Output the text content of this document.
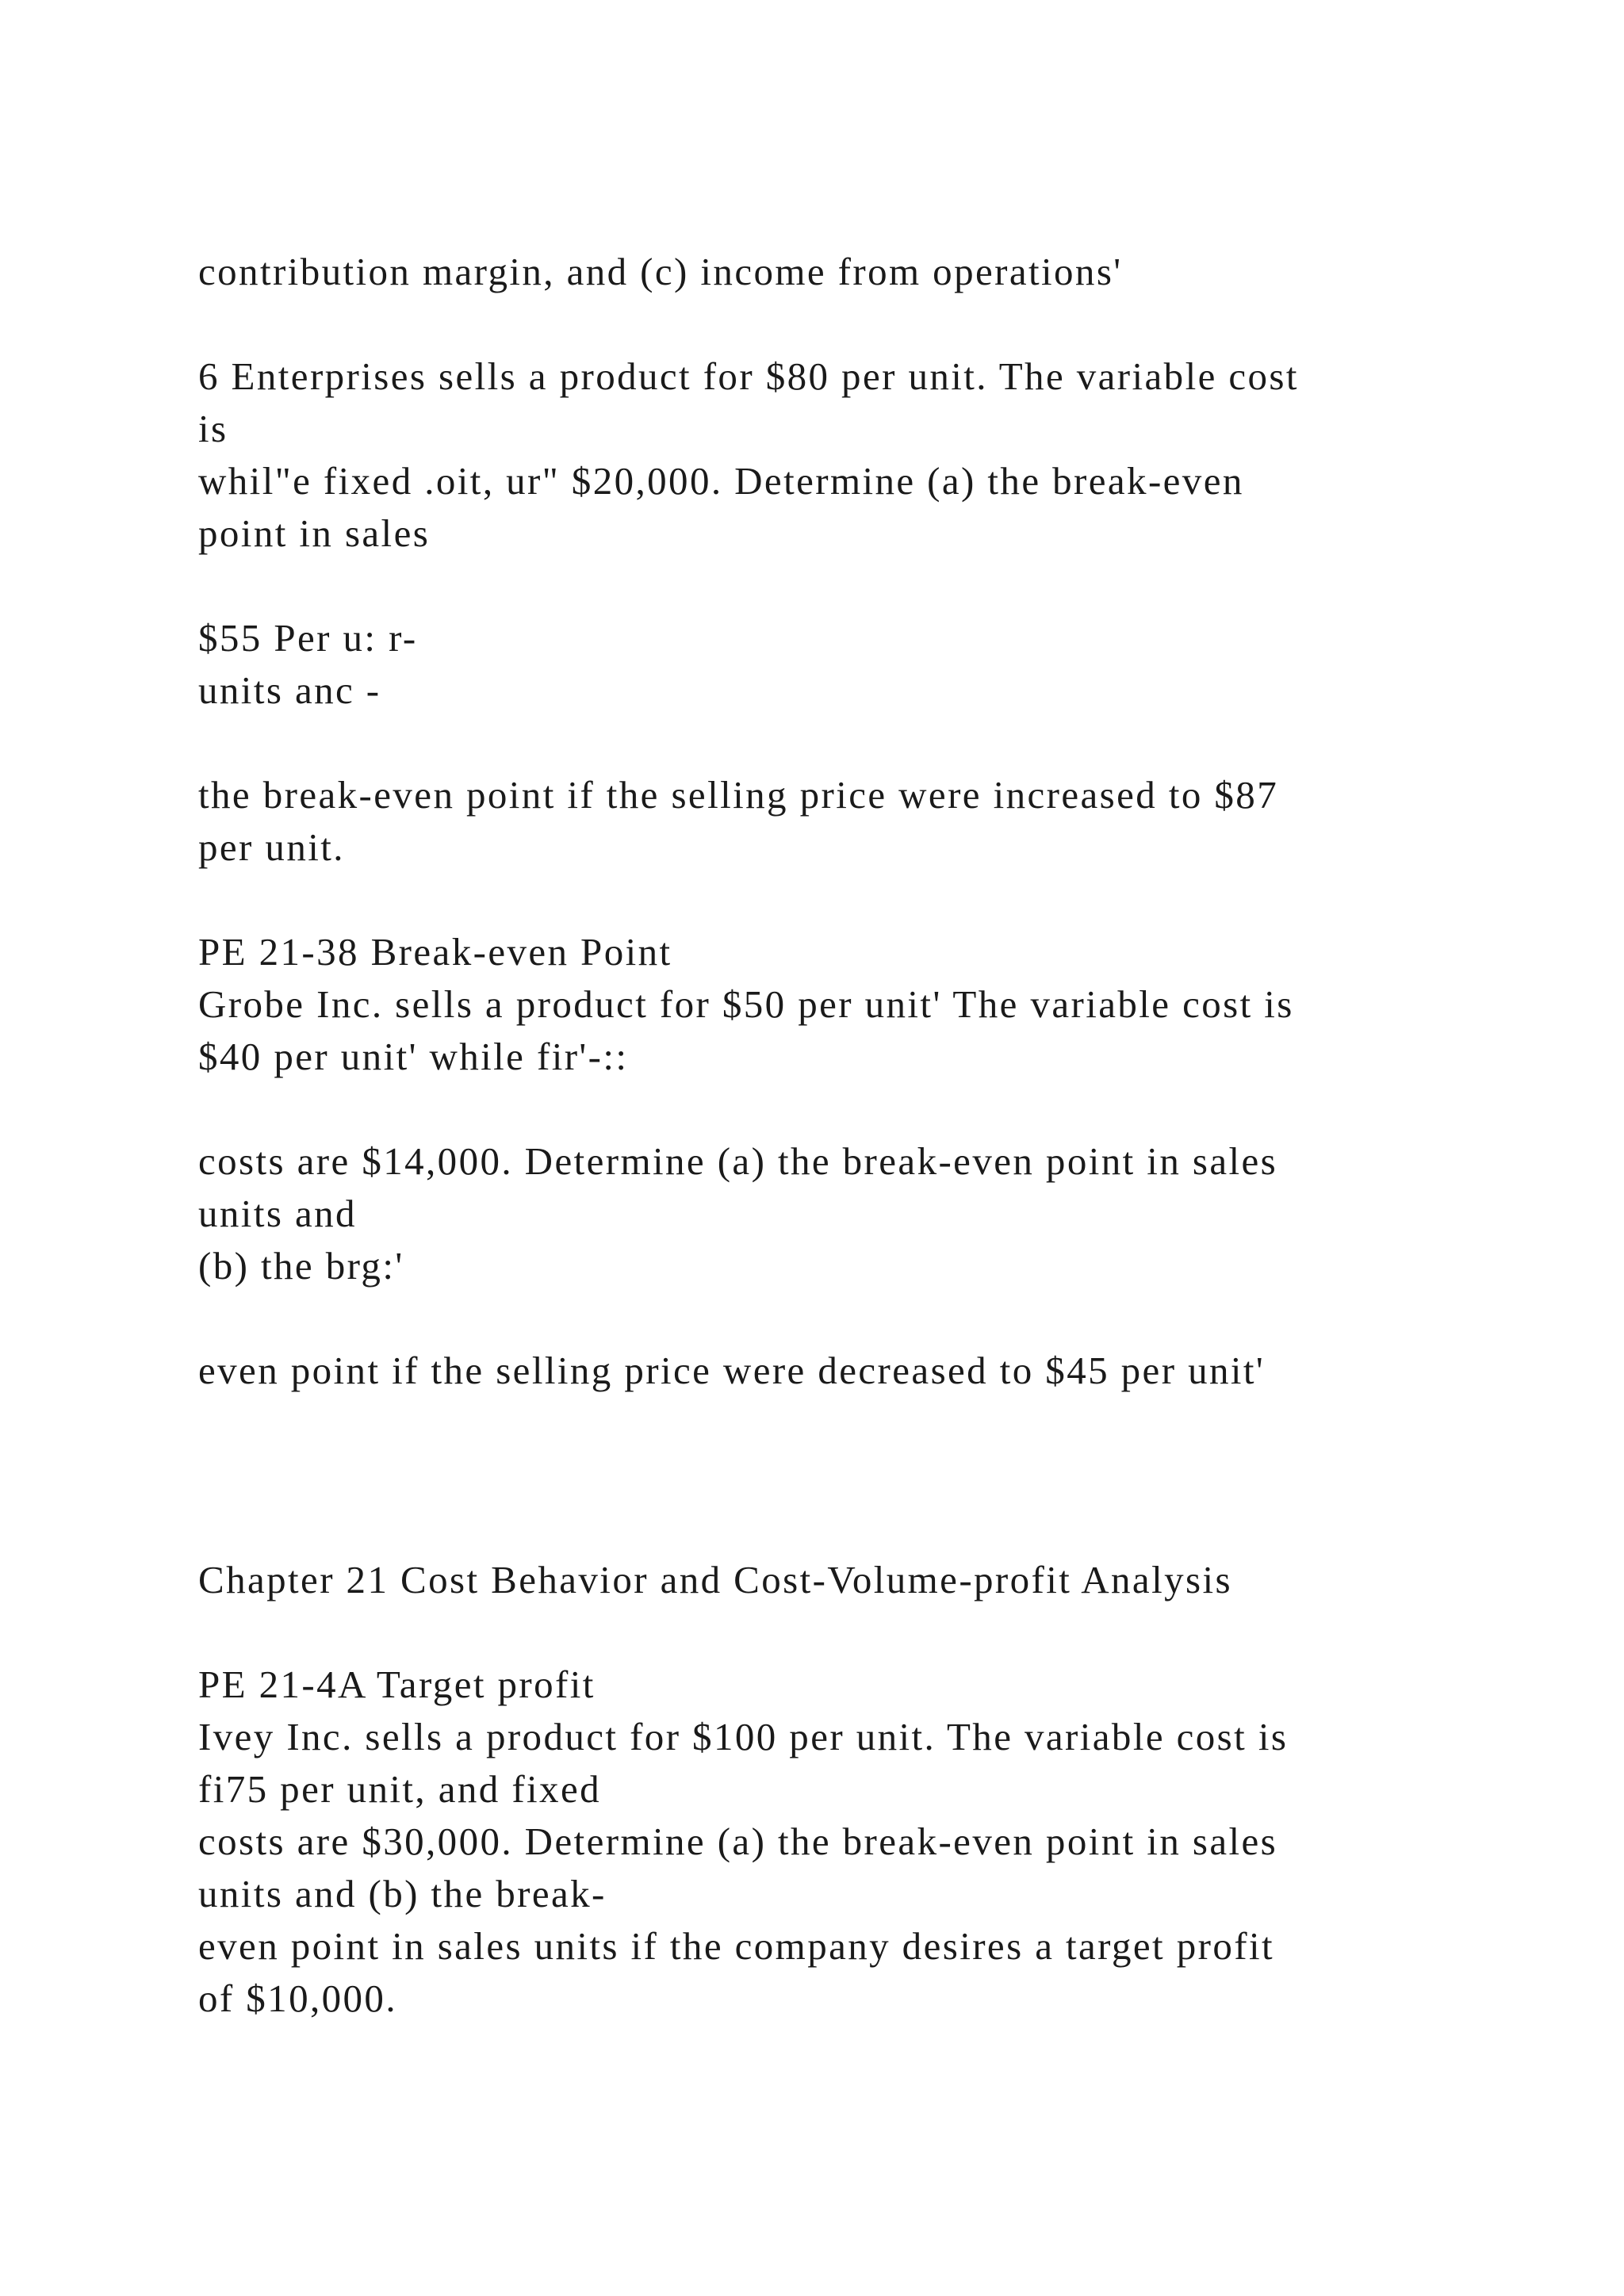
contribution margin, and (c) income from operations'
6 Enterprises sells a product for $80 per unit. The variable cost
is
whil"e fixed .oit, ur" $20,000. Determine (a) the break-even
point in sales
$55 Per u: r-
units anc -
the break-even point if the selling price were increased to $87
per unit.
PE 21-38 Break-even Point
Grobe Inc. sells a product for $50 per unit' The variable cost is
$40 per unit' while fir'-::
costs are $14,000. Determine (a) the break-even point in sales
units and
(b) the brg:'
even point if the selling price were decreased to $45 per unit'
Chapter 21 Cost Behavior and Cost-Volume-profit Analysis
PE 21-4A Target profit
Ivey Inc. sells a product for $100 per unit. The variable cost is
fi75 per unit, and fixed
costs are $30,000. Determine (a) the break-even point in sales
units and (b) the break-
even point in sales units if the company desires a target profit
of $10,000.
